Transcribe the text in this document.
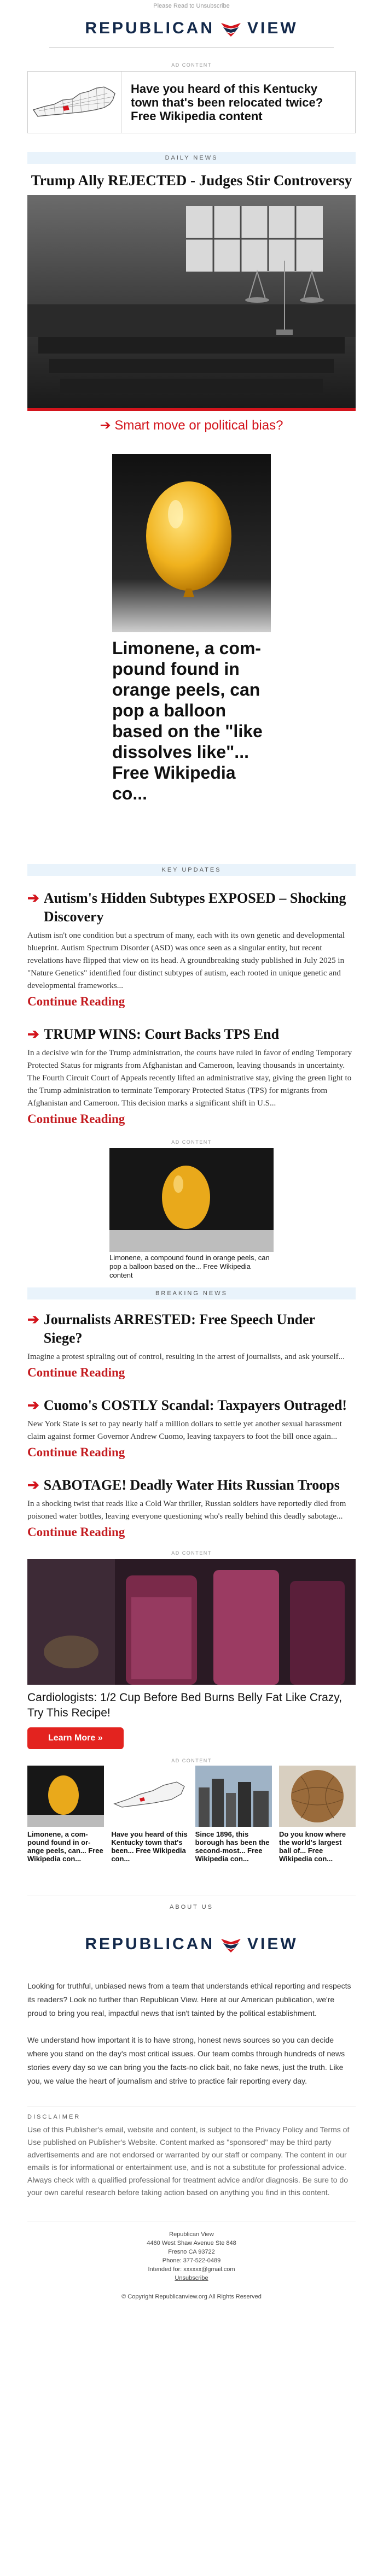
Please Read to Unsubscribe
REPUBLICAN VIEW
AD CONTENT
Have you heard of this Kentucky town that's been relocated twice? Free Wikipedia content
DAILY NEWS
Trump Ally REJECTED - Judges Stir Controversy
➔ Smart move or political bias?
Limonene, a com-pound found in orange peels, can pop a balloon based on the "like dissolves like"... Free Wikipedia co...
KEY UPDATES
➔ Autism's Hidden Subtypes EXPOSED – Shocking Discovery
Autism isn't one condition but a spectrum of many, each with its own genetic and developmental blueprint. Autism Spectrum Disorder (ASD) was once seen as a singular entity, but recent revelations have flipped that view on its head. A groundbreaking study published in July 2025 in "Nature Genetics" identified four distinct subtypes of autism, each rooted in unique genetic and developmental frameworks...
Continue Reading
➔ TRUMP WINS: Court Backs TPS End
In a decisive win for the Trump administration, the courts have ruled in favor of ending Temporary Protected Status for migrants from Afghanistan and Cameroon, leaving thousands in uncertainty. The Fourth Circuit Court of Appeals recently lifted an administrative stay, giving the green light to the Trump administration to terminate Temporary Protected Status (TPS) for migrants from Afghanistan and Cameroon. This decision marks a significant shift in U.S...
Continue Reading
AD CONTENT
Limonene, a compound found in orange peels, can pop a balloon based on the... Free Wikipedia content
BREAKING NEWS
➔ Journalists ARRESTED: Free Speech Under Siege?
Imagine a protest spiraling out of control, resulting in the arrest of journalists, and ask yourself...
Continue Reading
➔ Cuomo's COSTLY Scandal: Taxpayers Outraged!
New York State is set to pay nearly half a million dollars to settle yet another sexual harassment claim against former Governor Andrew Cuomo, leaving taxpayers to foot the bill once again...
Continue Reading
➔ SABOTAGE! Deadly Water Hits Russian Troops
In a shocking twist that reads like a Cold War thriller, Russian soldiers have reportedly died from poisoned water bottles, leaving everyone questioning who's really behind this deadly sabotage...
Continue Reading
AD CONTENT
Cardiologists: 1/2 Cup Before Bed Burns Belly Fat Like Crazy, Try This Recipe!
Learn More »
AD CONTENT
Limonene, a com-pound found in or-ange peels, can... Free Wikipedia con...
Have you heard of this Kentucky town that's been... Free Wikipedia con...
Since 1896, this borough has been the second-most... Free Wikipedia con...
Do you know where the world's largest ball of... Free Wikipedia con...
ABOUT US
REPUBLICAN VIEW

Looking for truthful, unbiased news from a team that understands ethical reporting and respects its readers? Look no further than Republican View. Here at our American publication, we're proud to bring you real, impactful news that isn't tainted by the political establishment.

We understand how important it is to have strong, honest news sources so you can decide where you stand on the day's most critical issues. Our team combs through hundreds of news stories every day so we can bring you the facts-no click bait, no fake news, just the truth. Like you, we value the heart of journalism and strive to practice fair reporting every day.

DISCLAIMER
Use of this Publisher's email, website and content, is subject to the Privacy Policy and Terms of Use published on Publisher's Website. Content marked as "sponsored" may be third party advertisements and are not endorsed or warranted by our staff or company. The content in our emails is for informational or entertainment use, and is not a substitute for professional advice. Always check with a qualified professional for treatment advice and/or diagnosis. Be sure to do your own careful research before taking action based on anything you find in this content.
Republican View
4460 West Shaw Avenue Ste 848
Fresno CA 93722
Phone: 377-522-0489
Intended for: xxxxxx@gmail.com
Unsubscribe
© Copyright Republicanview.org All Rights Reserved
